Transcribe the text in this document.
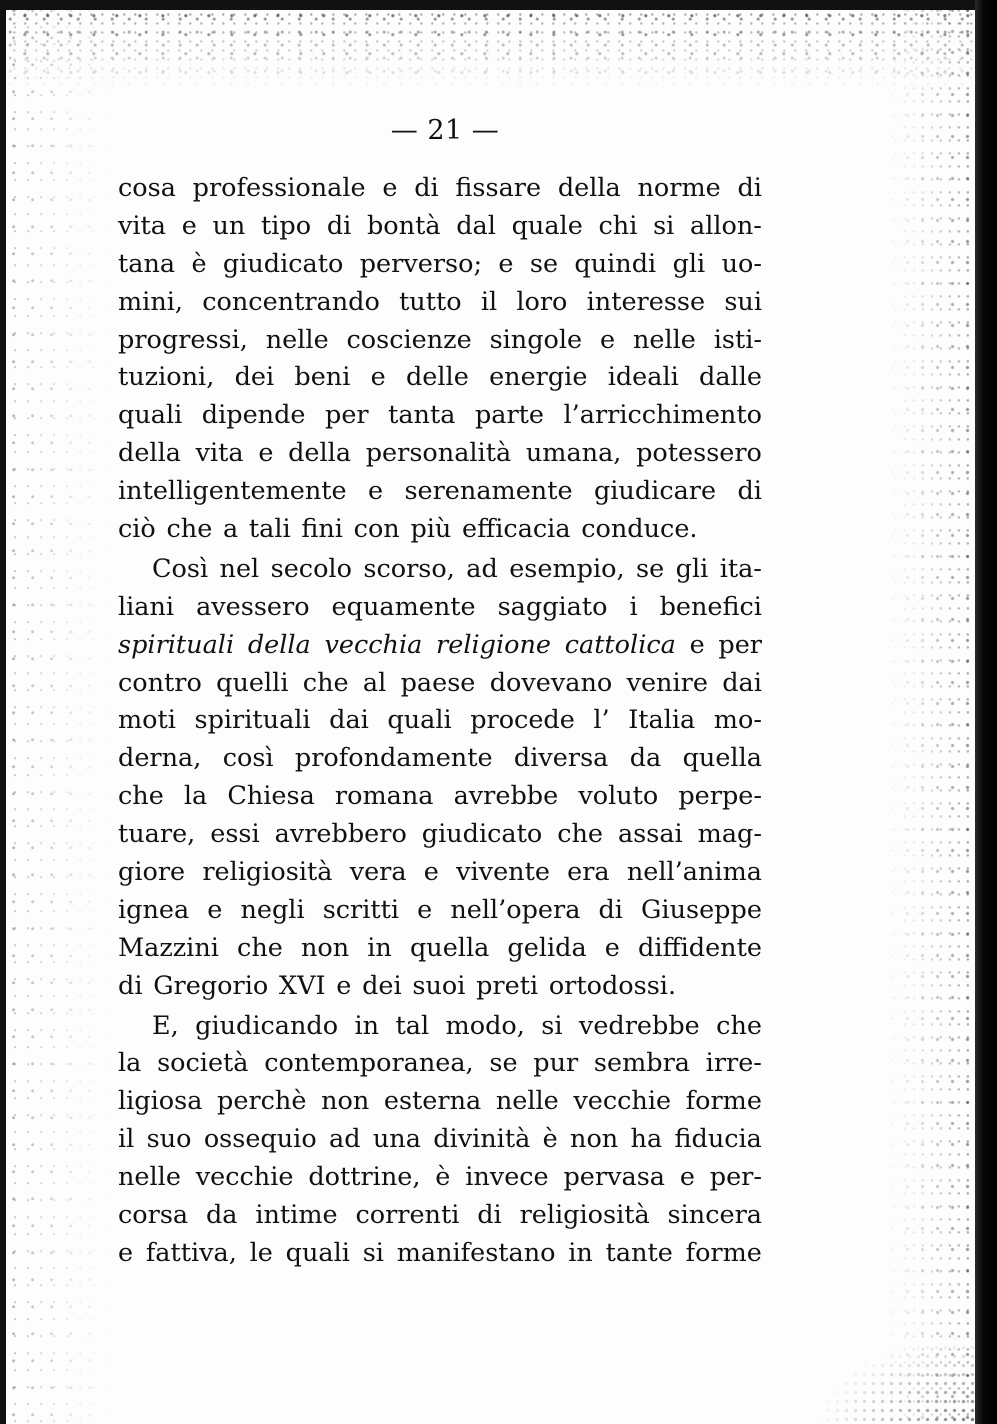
— 21 —
cosa professionale e di fissare della norme di
vita e un tipo di bontà dal quale chi si allon-
tana è giudicato perverso; e se quindi gli uo-
mini, concentrando tutto il loro interesse sui
progressi, nelle coscienze singole e nelle isti-
tuzioni, dei beni e delle energie ideali dalle
quali dipende per tanta parte l’arricchimento
della vita e della personalità umana, potessero
intelligentemente e serenamente giudicare di
ciò che a tali fini con più efficacia conduce.
Così nel secolo scorso, ad esempio, se gli ita-
liani avessero equamente saggiato i benefici
spirituali della vecchia religione cattolica e per
contro quelli che al paese dovevano venire dai
moti spirituali dai quali procede l’ Italia mo-
derna, così profondamente diversa da quella
che la Chiesa romana avrebbe voluto perpe-
tuare, essi avrebbero giudicato che assai mag-
giore religiosità vera e vivente era nell’anima
ignea e negli scritti e nell’opera di Giuseppe
Mazzini che non in quella gelida e diffidente
di Gregorio XVI e dei suoi preti ortodossi.
E, giudicando in tal modo, si vedrebbe che
la società contemporanea, se pur sembra irre-
ligiosa perchè non esterna nelle vecchie forme
il suo ossequio ad una divinità è non ha fiducia
nelle vecchie dottrine, è invece pervasa e per-
corsa da intime correnti di religiosità sincera
e fattiva, le quali si manifestano in tante forme
